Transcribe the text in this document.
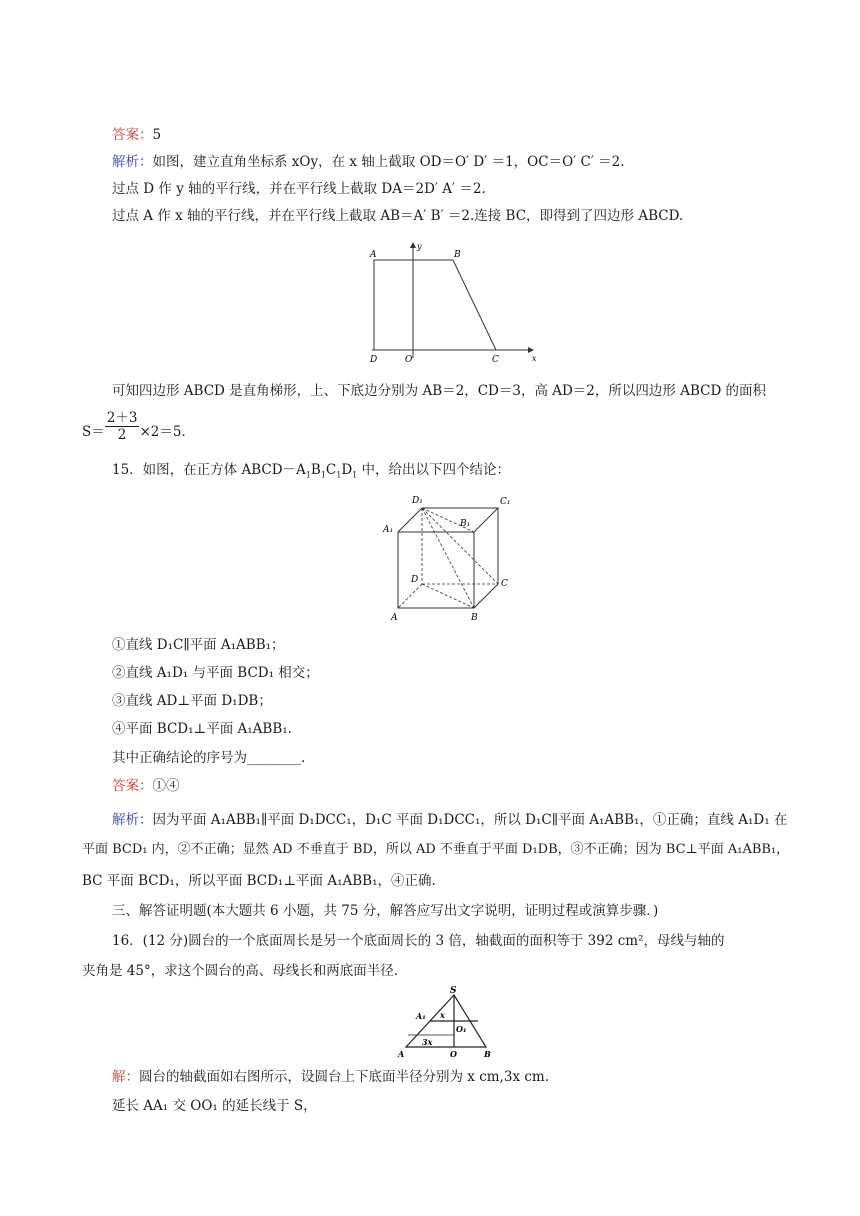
答案：5
解析：如图，建立直角坐标系 xOy，在 x 轴上截取 OD＝O′ D′ ＝1，OC＝O′ C′ ＝2.
过点 D 作 y 轴的平行线，并在平行线上截取 DA＝2D′ A′ ＝2.
过点 A 作 x 轴的平行线，并在平行线上截取 AB＝A′ B′ ＝2.连接 BC，即得到了四边形 ABCD.
A	B
C
D	O
y
x
可知四边形 ABCD 是直角梯形，上、下底边分别为 AB＝2，CD＝3，高 AD＝2，所以四边形 ABCD 的面积
$S= \frac{2+3}{2} \times 2=5$.
15．如图，在正方体 $ABCD-A_1B_1C_1D_1$ 中，给出以下四个结论：
D₁	C₁
A₁
B₁
D	C
A	B
①直线 D₁C∥平面 A₁ABB₁；
②直线 A₁D₁ 与平面 BCD₁ 相交；
③直线 AD⊥平面 D₁DB；
④平面 BCD₁⊥平面 A₁ABB₁.
其中正确结论的序号为________.
答案：①④
解析：因为平面 A₁ABB₁∥平面 D₁DCC₁，D₁C 平面 D₁DCC₁，所以 D₁C∥平面 A₁ABB₁，①正确；直线 A₁D₁ 在
平面 BCD₁ 内，②不正确；显然 AD 不垂直于 BD，所以 AD 不垂直于平面 D₁DB，③不正确；因为 BC⊥平面 A₁ABB₁，
BC 平面 BCD₁，所以平面 BCD₁⊥平面 A₁ABB₁，④正确.
三、解答证明题(本大题共 6 小题，共 75 分，解答应写出文字说明，证明过程或演算步骤．)
16．(12 分)圆台的一个底面周长是另一个底面周长的 3 倍，轴截面的面积等于 392 cm²，母线与轴的
夹角是 45°，求这个圆台的高、母线长和两底面半径.
S
A₁ x
O₁
3x
A	O	B
解：圆台的轴截面如右图所示，设圆台上下底面半径分别为 x cm,3x cm.
延长 AA₁ 交 OO₁ 的延长线于 S，
